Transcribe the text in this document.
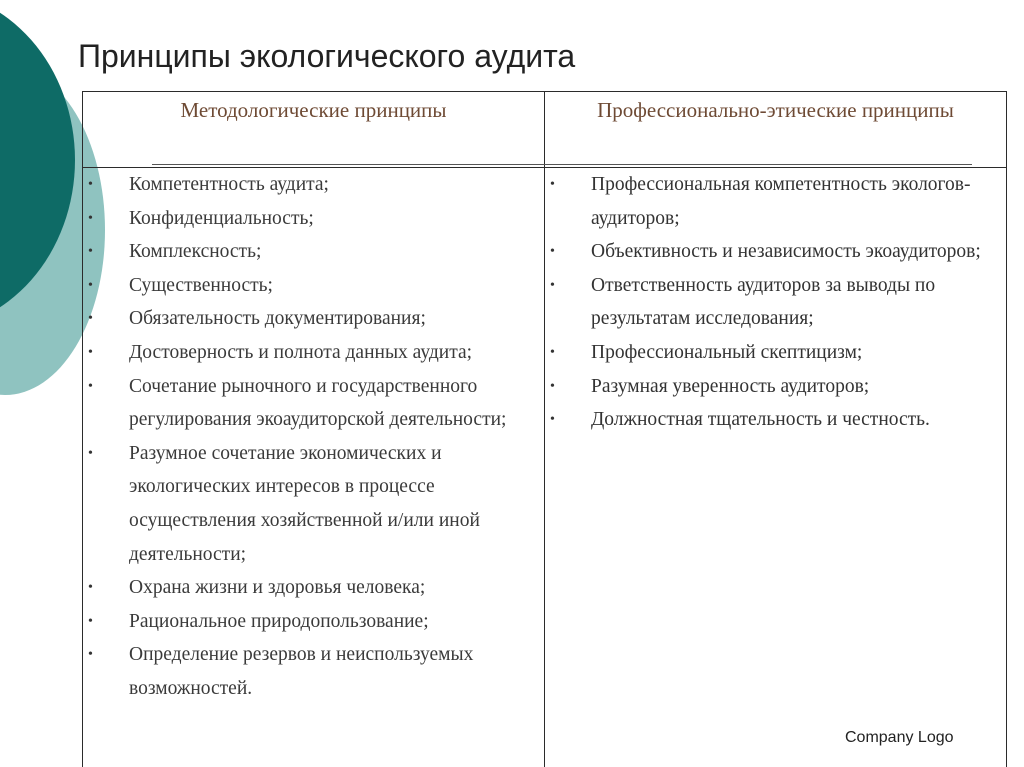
Принципы экологического аудита
Методологические принципы	Профессионально-этические принципы
• Компетентность аудита;
• Конфиденциальность;
• Комплексность;
• Существенность;
• Обязательность документирования;
• Достоверность и полнота данных аудита;
• Сочетание рыночного и государственного регулирования экоаудиторской деятельности;
• Разумное сочетание экономических и экологических интересов в процессе осуществления хозяйственной и/или иной деятельности;
• Охрана жизни и здоровья человека;
• Рациональное природопользование;
• Определение резервов и неиспользуемых возможностей.
• Профессиональная компетентность экологов-аудиторов;
• Объективность и независимость экоаудиторов;
• Ответственность аудиторов за выводы по результатам исследования;
• Профессиональный скептицизм;
• Разумная уверенность аудиторов;
• Должностная тщательность и честность.
Company Logo
